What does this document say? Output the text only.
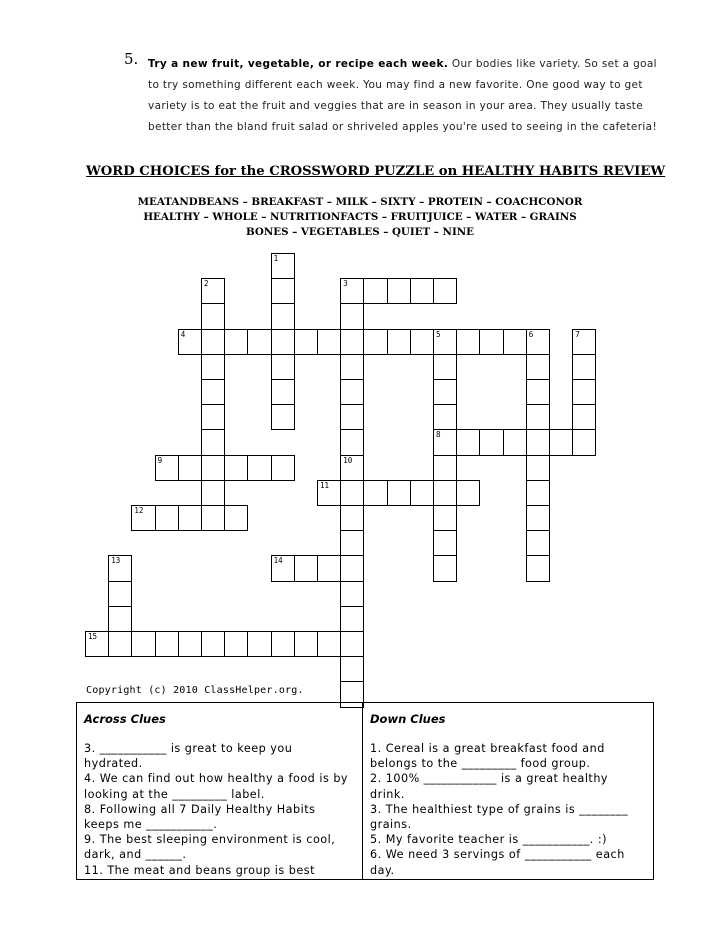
5. Try a new fruit, vegetable, or recipe each week. Our bodies like variety. So set a goal to try something different each week. You may find a new favorite. One good way to get variety is to eat the fruit and veggies that are in season in your area. They usually taste better than the bland fruit salad or shriveled apples you're used to seeing in the cafeteria!
WORD CHOICES for the CROSSWORD PUZZLE on HEALTHY HABITS REVIEW
MEATANDBEANS – BREAKFAST – MILK – SIXTY – PROTEIN – COACHCONOR
HEALTHY – WHOLE – NUTRITIONFACTS – FRUITJUICE – WATER – GRAINS
BONES – VEGETABLES – QUIET – NINE
1
2	3
10
4	5	6
8
7
9
11
12
13	14
15
Copyright (c) 2010 ClassHelper.org.
Across Clues
3. ___________ is great to keep you hydrated.
4. We can find out how healthy a food is by looking at the _________ label.
8. Following all 7 Daily Healthy Habits keeps me ___________.
9. The best sleeping environment is cool, dark, and ______.
11. The meat and beans group is best
Down Clues
1. Cereal is a great breakfast food and belongs to the _________ food group.
2. 100% ____________ is a great healthy drink.
3. The healthiest type of grains is ________ grains.
5. My favorite teacher is ___________. :)
6. We need 3 servings of ___________ each day.
